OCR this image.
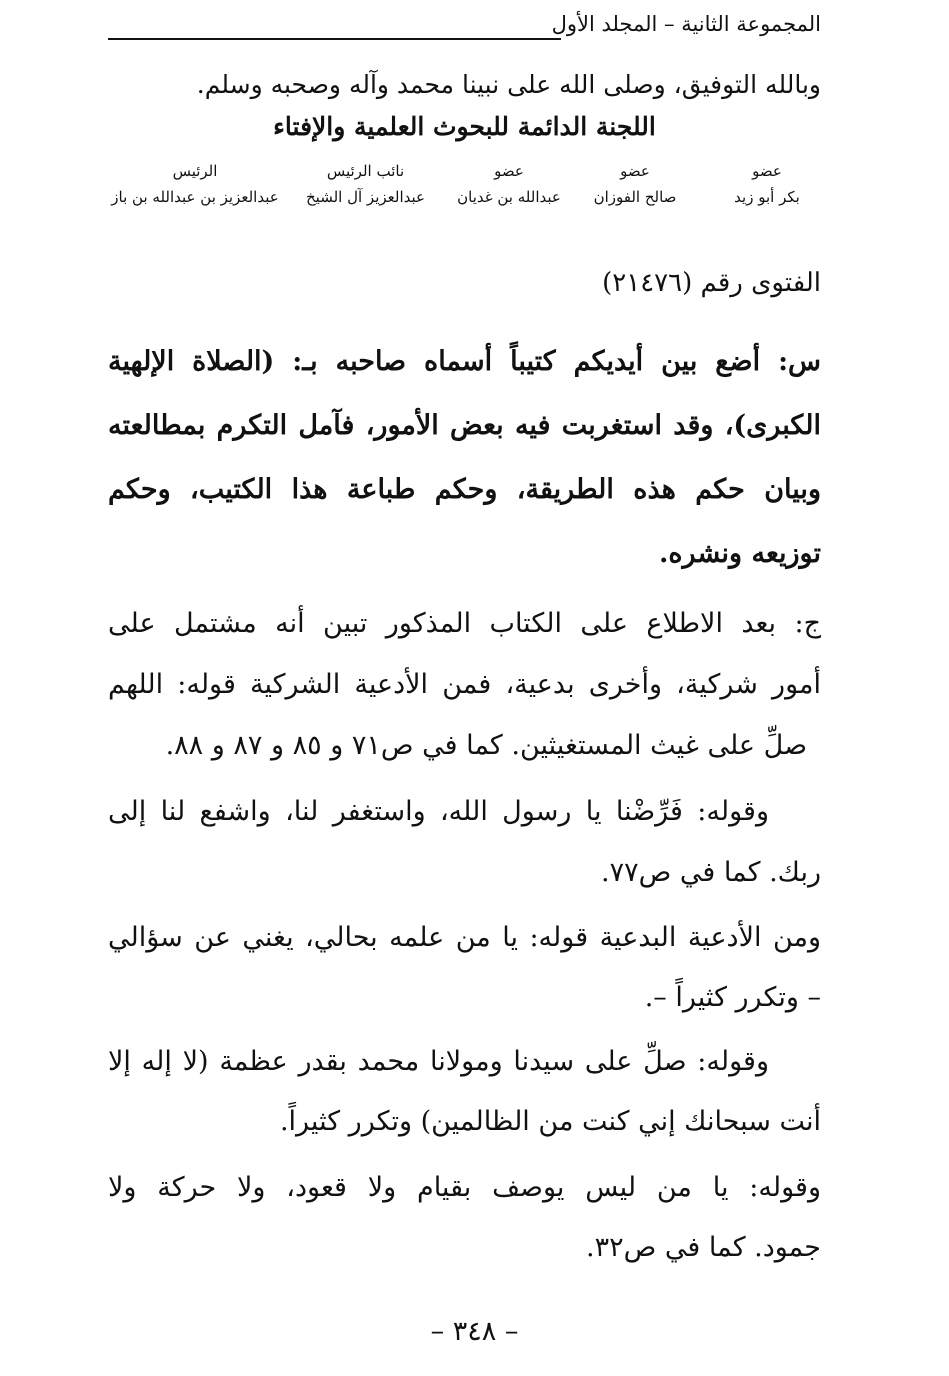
المجموعة الثانية – المجلد الأول
وبالله التوفيق، وصلى الله على نبينا محمد وآله وصحبه وسلم.
اللجنة الدائمة للبحوث العلمية والإفتاء
عضو
بكر أبو زيد
عضو
صالح الفوزان
عضو
عبدالله بن غديان
نائب الرئيس
عبدالعزيز آل الشيخ
الرئيس
عبدالعزيز بن عبدالله بن باز
الفتوى رقم (٢١٤٧٦)
س: أضع بين أيديكم كتيباً أسماه صاحبه بـ: (الصلاة الإلهية
الكبرى)، وقد استغربت فيه بعض الأمور، فآمل التكرم بمطالعته
وبيان حكم هذه الطريقة، وحكم طباعة هذا الكتيب، وحكم
توزيعه ونشره.
ج: بعد الاطلاع على الكتاب المذكور تبين أنه مشتمل على
أمور شركية، وأخرى بدعية، فمن الأدعية الشركية قوله: اللهم
صلِّ على غيث المستغيثين. كما في ص٧١ و ٨٥ و ٨٧ و ٨٨.
وقوله: فَرِّضْنا يا رسول الله، واستغفر لنا، واشفع لنا إلى
ربك. كما في ص٧٧.
ومن الأدعية البدعية قوله: يا من علمه بحالي، يغني عن سؤالي
– وتكرر كثيراً –.
وقوله: صلِّ على سيدنا ومولانا محمد بقدر عظمة (لا إله إلا
أنت سبحانك إني كنت من الظالمين) وتكرر كثيراً.
وقوله: يا من ليس يوصف بقيام ولا قعود، ولا حركة ولا
جمود. كما في ص٣٢.
– ٣٤٨ –
